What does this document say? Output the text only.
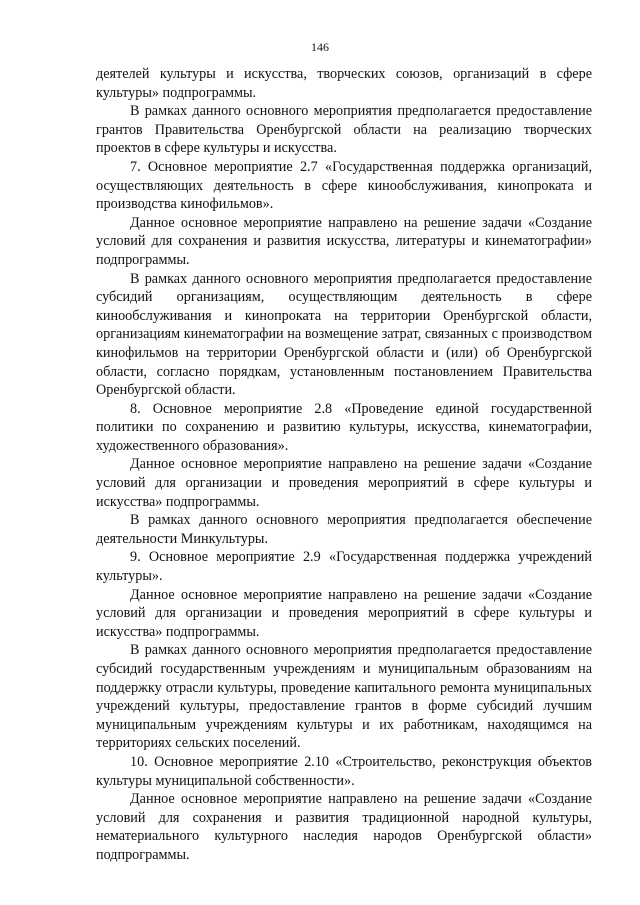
146

деятелей культуры и искусства, творческих союзов, организаций в сфере культуры» подпрограммы.

В рамках данного основного мероприятия предполагается предоставление грантов Правительства Оренбургской области на реализацию творческих проектов в сфере культуры и искусства.

7. Основное мероприятие 2.7 «Государственная поддержка организаций, осуществляющих деятельность в сфере кинообслуживания, кинопроката и производства кинофильмов».

Данное основное мероприятие направлено на решение задачи «Создание условий для сохранения и развития искусства, литературы и кинематографии» подпрограммы.

В рамках данного основного мероприятия предполагается предоставление субсидий организациям, осуществляющим деятельность в сфере кинообслуживания и кинопроката на территории Оренбургской области, организациям кинематографии на возмещение затрат, связанных с производством кинофильмов на территории Оренбургской области и (или) об Оренбургской области, согласно порядкам, установленным постановлением Правительства Оренбургской области.

8. Основное мероприятие 2.8 «Проведение единой государственной политики по сохранению и развитию культуры, искусства, кинематографии, художественного образования».

Данное основное мероприятие направлено на решение задачи «Создание условий для организации и проведения мероприятий в сфере культуры и искусства» подпрограммы.

В рамках данного основного мероприятия предполагается обеспечение деятельности Минкультуры.

9. Основное мероприятие 2.9 «Государственная поддержка учреждений культуры».

Данное основное мероприятие направлено на решение задачи «Создание условий для организации и проведения мероприятий в сфере культуры и искусства» подпрограммы.

В рамках данного основного мероприятия предполагается предоставление субсидий государственным учреждениям и муниципальным образованиям на поддержку отрасли культуры, проведение капитального ремонта муниципальных учреждений культуры, предоставление грантов в форме субсидий лучшим муниципальным учреждениям культуры и их работникам, находящимся на территориях сельских поселений.

10. Основное мероприятие 2.10 «Строительство, реконструкция объектов культуры муниципальной собственности».

Данное основное мероприятие направлено на решение задачи «Создание условий для сохранения и развития традиционной народной культуры, нематериального культурного наследия народов Оренбургской области» подпрограммы.
